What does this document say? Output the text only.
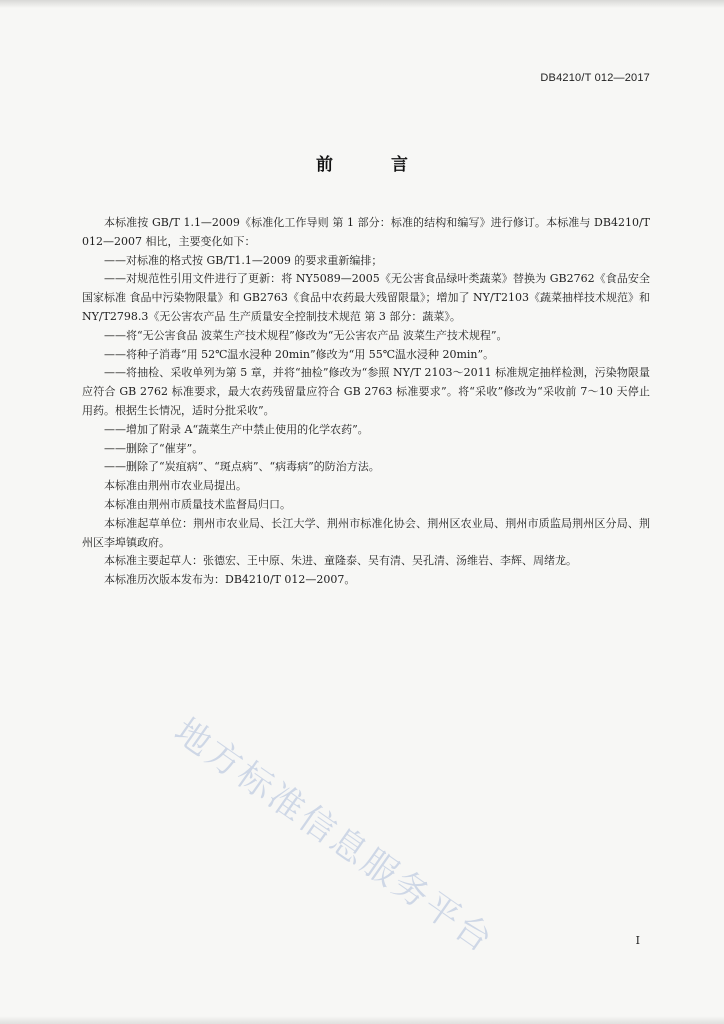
DB4210/T 012—2017
前 言

本标准按 GB/T 1.1—2009《标准化工作导则 第 1 部分：标准的结构和编写》进行修订。本标准与 DB4210/T012—2007 相比，主要变化如下：

——对标准的格式按 GB/T1.1—2009 的要求重新编排；

——对规范性引用文件进行了更新：将 NY5089—2005《无公害食品绿叶类蔬菜》替换为 GB2762《食品安全国家标准 食品中污染物限量》和 GB2763《食品中农药最大残留限量》；增加了 NY/T2103《蔬菜抽样技术规范》和 NY/T2798.3《无公害农产品 生产质量安全控制技术规范 第 3 部分：蔬菜》。

——将“无公害食品 波菜生产技术规程”修改为“无公害农产品 波菜生产技术规程”。

——将种子消毒“用 52℃温水浸种 20min”修改为“用 55℃温水浸种 20min”。

——将抽检、采收单列为第 5 章，并将“抽检”修改为“参照 NY/T 2103～2011 标准规定抽样检测，污染物限量应符合 GB 2762 标准要求，最大农药残留量应符合 GB 2763 标准要求”。将“采收”修改为“采收前 7～10 天停止用药。根据生长情况，适时分批采收”。

——增加了附录 A“蔬菜生产中禁止使用的化学农药”。

——删除了“催芽”。

——删除了“炭疽病”、“斑点病”、“病毒病”的防治方法。

本标准由荆州市农业局提出。

本标准由荆州市质量技术监督局归口。

本标准起草单位：荆州市农业局、长江大学、荆州市标准化协会、荆州区农业局、荆州市质监局荆州区分局、荆州区李埠镇政府。

本标准主要起草人：张德宏、王中原、朱进、童隆泰、吴有清、吴孔清、汤维岩、李辉、周绪龙。

本标准历次版本发布为：DB4210/T 012—2007。

地方标准信息服务平台	I
